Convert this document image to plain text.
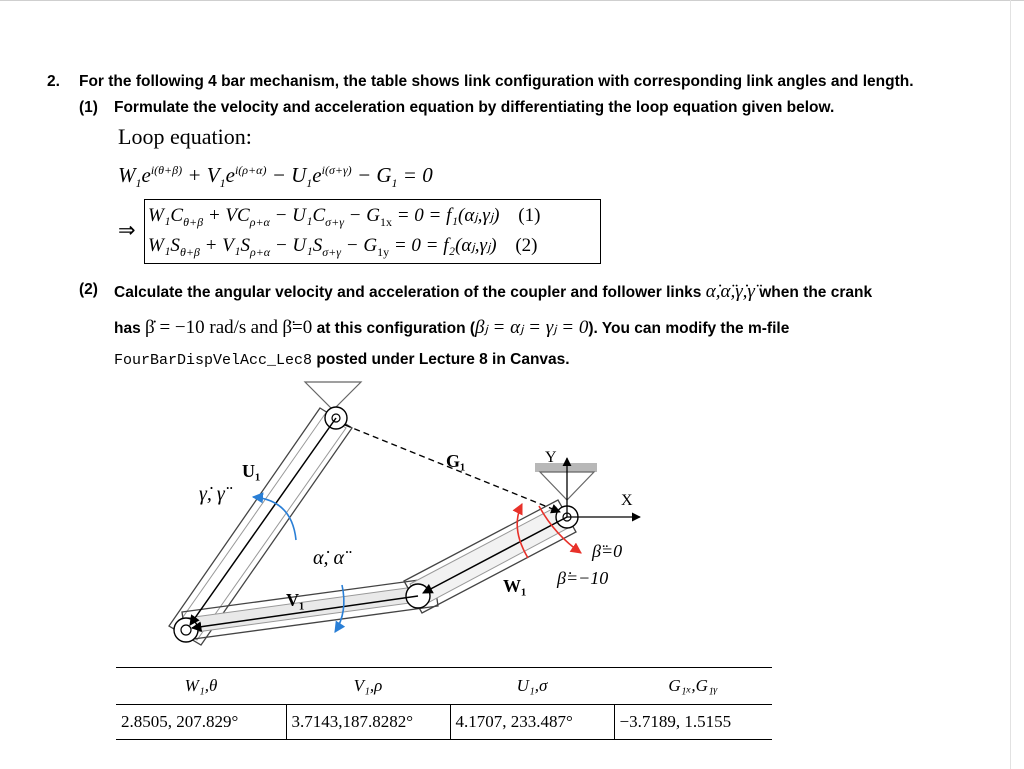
2. For the following 4 bar mechanism, the table shows link configuration with corresponding link angles and length.
(1) Formulate the velocity and acceleration equation by differentiating the loop equation given below.
Loop equation:
$W_1e^{i(\theta+\beta)} + V_1e^{i(\rho+\alpha)} - U_1e^{i(\sigma+\gamma)} - G_1 = 0$
⇒
$W_1C_{\theta+\beta} + VC_{\rho+\alpha} - U_1C_{\sigma+\gamma} - G_{1x} = 0$ = f₁(αⱼ,γⱼ) (1)
$W_1S_{\theta+\beta} + V_1S_{\rho+\alpha} - U_1S_{\sigma+\gamma} - G_{1y} = 0$ = f₂(αⱼ,γⱼ) (2)
(2) Calculate the angular velocity and acceleration of the coupler and follower links α̇,α̈,γ̇,γ̈ when the crank
has β̇ = −10 rad/s and β̈=0 at this configuration (βⱼ = αⱼ = γⱼ = 0). You can modify the m-file
FourBarDispVelAcc_Lec8 posted under Lecture 8 in Canvas.
U₁	G₁
V₁
W₁
Y
X
γ̇, γ̈
α̇, α̈	β̈=0
β̇=−10
W₁,θ	V₁,ρ	U₁,σ	G₁ₓ,G₁ᵧ
2.8505, 207.829°	3.7143,187.8282°	4.1707, 233.487°	−3.7189, 1.5155
